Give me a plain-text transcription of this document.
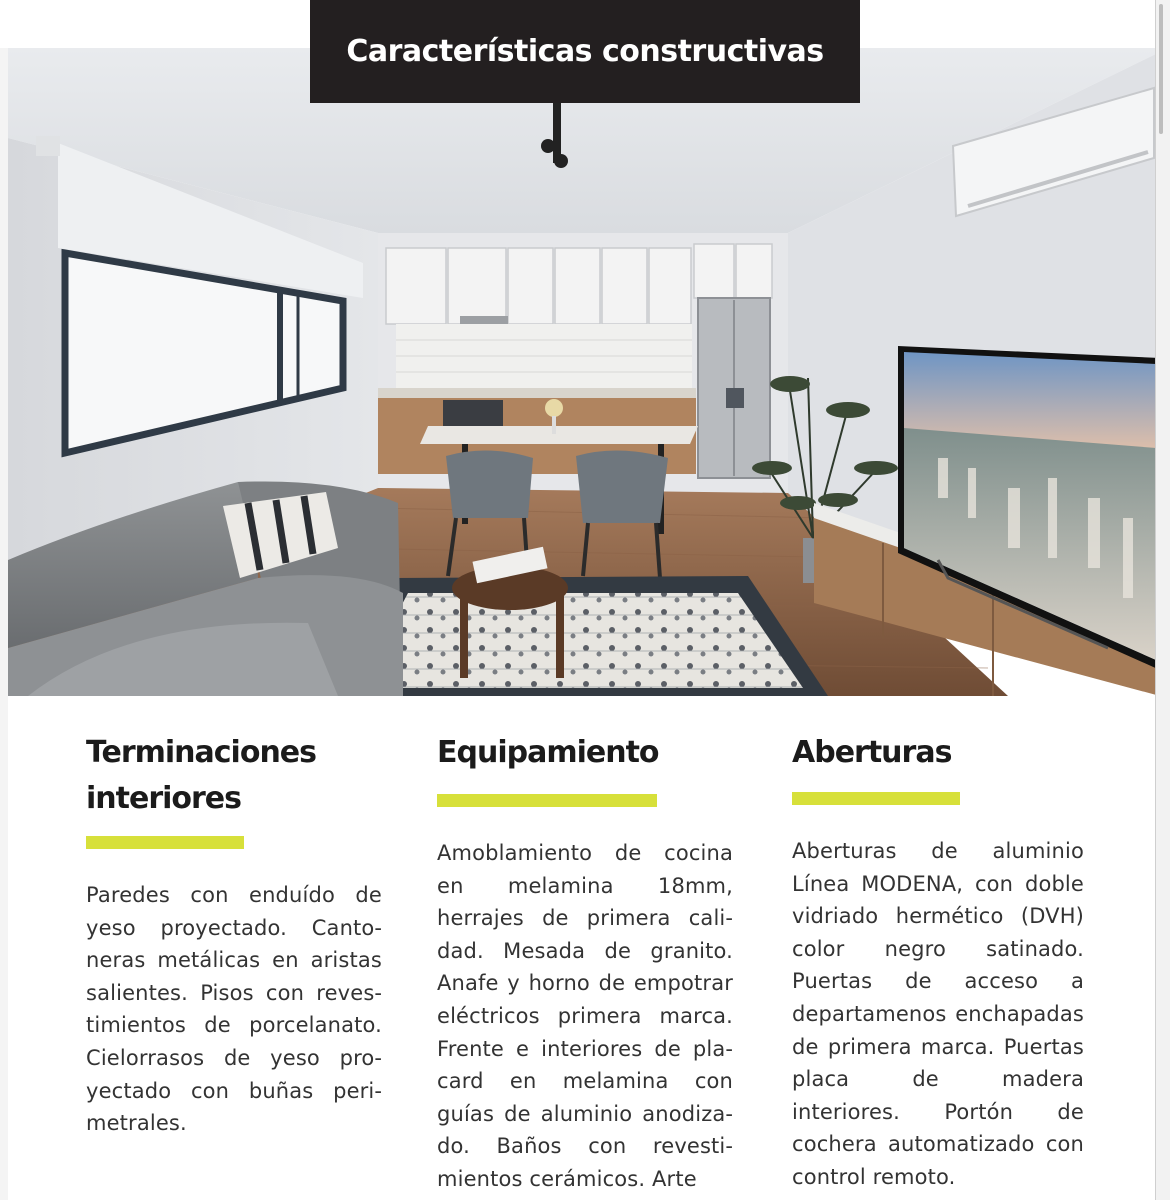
Características constructivas
Terminaciones interiores

Paredes con enduído de yeso proyectado. Cantoneras metálicas en aristas salientes. Pisos con revestimientos de porcelanato. Cielorrasos de yeso proyectado con buñas perimetrales.

Equipamiento

Amoblamiento de cocina en melamina 18mm, herrajes de primera calidad. Mesada de granito. Anafe y horno de empotrar eléctricos primera marca. Frente e interiores de placard en melamina con guías de aluminio anodizado. Baños con revestimientos cerámicos. Arte

Aberturas

Aberturas de aluminio Línea MODENA, con doble vidriado hermético (DVH) color negro satinado. Puertas de acceso a departamenos enchapadas de primera marca. Puertas placa de madera interiores. Portón de cochera automatizado con control remoto.
